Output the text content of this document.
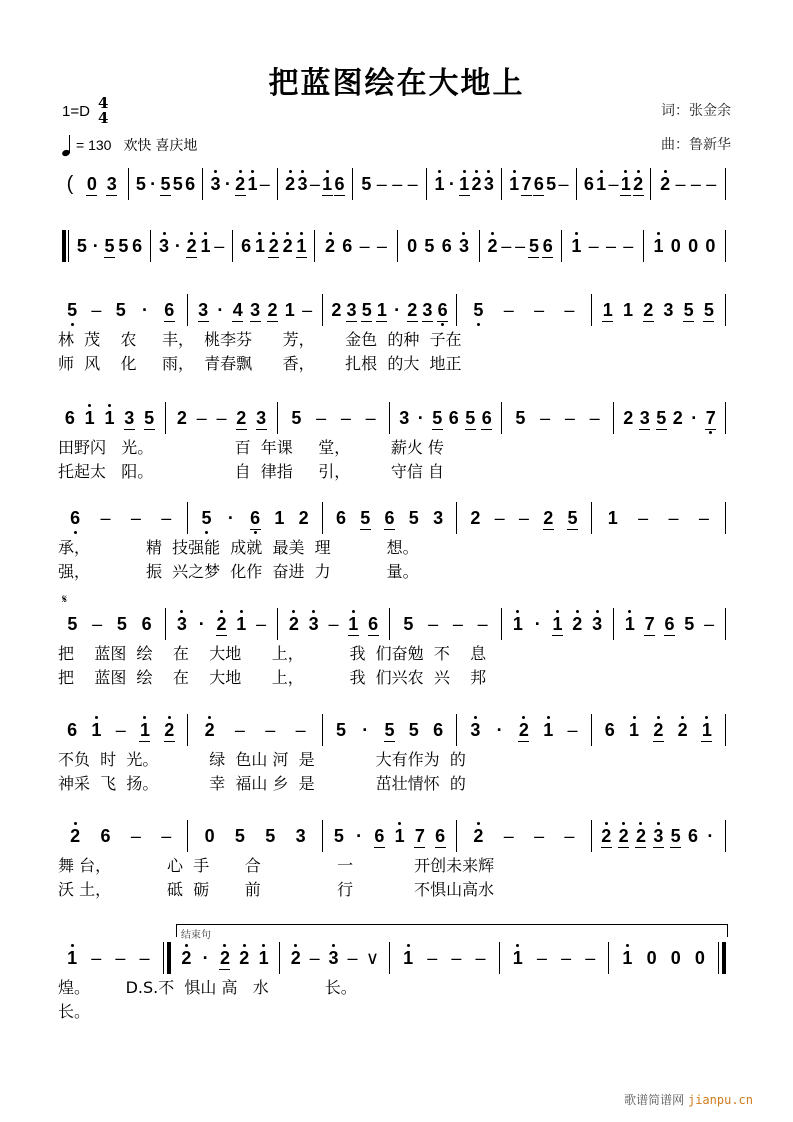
把蓝图绘在大地上
1=D 4
4
= 130 欢快 喜庆地
词：张金余
曲：鲁新华
( 0 3 5 · 5 5 6 3 · 2 1 – 2 3 – 1 6 5 – – – 1 · 1 2 3 1 7 6 5 – 6 1 – 1 2 2 – – –
5 · 5 5 6 3 · 2 1 – 6 1 2 2 1 2 6 – – 0 5 6 3 2 – – 5 6 1 – – – 1 0 0 0
5 – 5 · 6 3 · 4 3 2 1 – 2 3 5 1 · 2 3 6 5 – – – 1 1 2 3 5 5
林  茂    农     丰，  桃李芬      芳，      金色  的种  子在
师  风    化     雨，  青春飘      香，      扎根  的大  地正
6 1 1 3 5 2 – – 2 3 5 – – – 3 · 5 6 5 6 5 – – – 2 3 5 2 · 7
田野闪   光。                百  年课     堂，        薪火 传
托起太   阳。                自  律指     引，        守信 自
6 – – – 5 · 6 1 2 6 5 6 5 3 2 – – 2 5 1 – – –
承，           精  技强能  成就  最美  理           想。
强，           振  兴之梦  化作  奋进  力           量。
5 – 5 6 3 · 2 1 – 2 3 – 1 6 5 – – – 1 · 1 2 3 1 7 6 5 –
𝄋
把    蓝图  绘    在    大地      上，         我  们奋勉  不    息
把    蓝图  绘    在    大地      上，         我  们兴农  兴    邦
6 1 – 1 2 2 – – – 5 · 5 5 6 3 · 2 1 – 6 1 2 2 1
不负  时  光。          绿  色山 河  是            大有作为  的
神采  飞  扬。          幸  福山 乡  是            茁壮情怀  的
2 6 – – 0 5 5 3 5 · 6 1 7 6 2 – – – 2 2 2 3 5 6 ·
舞 台，           心  手       合               一            开创未来辉
沃 土，           砥  砺       前               行            不惧山高水
1 – – – 2 · 2 2 1 2 – 3 – ∨ 1 – – – 1 – – – 1 0 0 0
结束句
煌。       D.S.不  惧山 高   水           长。
长。
歌谱简谱网 jianpu.cn
